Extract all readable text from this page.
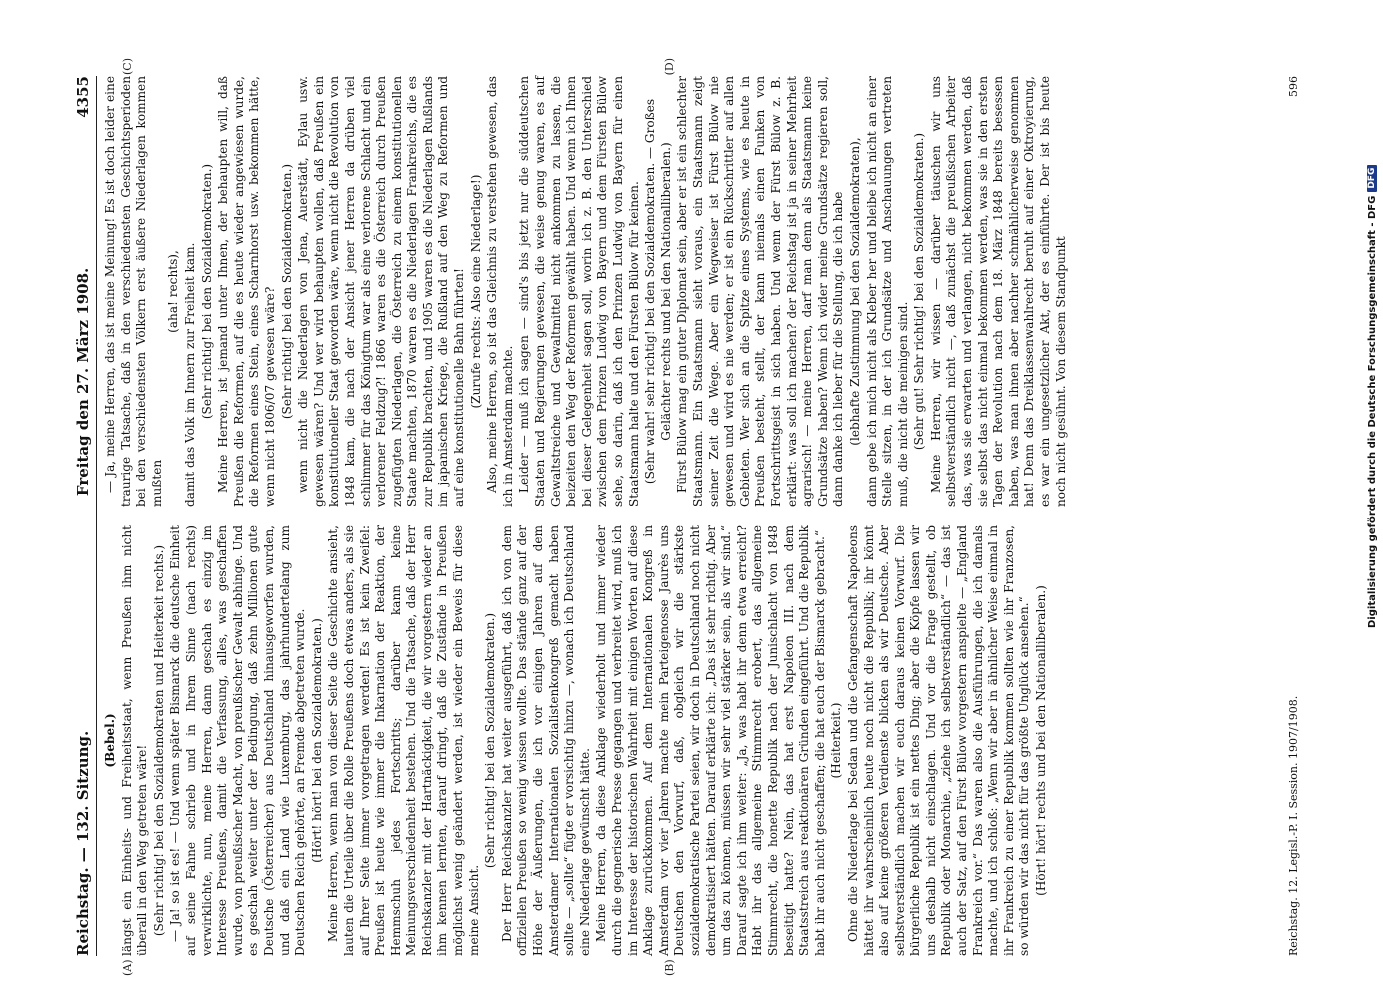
Reichstag. — 132. Sitzung.
Freitag den 27. März 1908.
4355
(A)	(B)

(Bebel.) längst ein Einheits- und Freiheitsstaat, wenn Preußen ihm nicht überall in den Weg getreten wäre! (Sehr richtig! bei den Sozialdemokraten und Heiterkeit rechts.) — Ja! so ist es! — Und wenn später Bismarck die deutsche Einheit auf seine Fahne schrieb und in Ihrem Sinne (nach rechts) verwirklichte, nun, meine Herren, dann geschah es einzig im Interesse Preußens, damit die Verfassung, alles, was geschaffen wurde, von preußischer Macht, von preußischer Gewalt abhinge. Und es geschah weiter unter der Bedingung, daß zehn Millionen gute Deutsche (Österreicher) aus Deutschland hinausgeworfen wurden, und daß ein Land wie Luxemburg, das jahrhundertelang zum Deutschen Reich gehörte, an Fremde abgetreten wurde. (Hört! hört! bei den Sozialdemokraten.) Meine Herren, wenn man von dieser Seite die Geschichte ansieht, lauten die Urteile über die Rolle Preußens doch etwas anders, als sie auf Ihrer Seite immer vorgetragen werden! Es ist kein Zweifel: Preußen ist heute wie immer die Inkarnation der Reaktion, der Hemmschuh jedes Fortschritts; darüber kann keine Meinungsverschiedenheit bestehen. Und die Tatsache, daß der Herr Reichskanzler mit der Hartnäckigkeit, die wir vorgestern wieder an ihm kennen lernten, darauf dringt, daß die Zustände in Preußen möglichst wenig geändert werden, ist wieder ein Beweis für diese meine Ansicht.

(Sehr richtig! bei den Sozialdemokraten.) Der Herr Reichskanzler hat weiter ausgeführt, daß ich von dem offiziellen Preußen so wenig wissen wollte. Das stände ganz auf der Höhe der Äußerungen, die ich vor einigen Jahren auf dem Amsterdamer Internationalen Sozialistenkongreß gemacht haben sollte — „sollte“ fügte er vorsichtig hinzu —, wonach ich Deutschland eine Niederlage gewünscht hätte. Meine Herren, da diese Anklage wiederholt und immer wieder durch die gegnerische Presse gegangen und verbreitet wird, muß ich im Interesse der historischen Wahrheit mit einigen Worten auf diese Anklage zurückkommen. Auf dem Internationalen Kongreß in Amsterdam vor vier Jahren machte mein Parteigenosse Jaurès uns Deutschen den Vorwurf, daß, obgleich wir die stärkste sozialdemokratische Partei seien, wir doch in Deutschland noch nicht demokratisiert hätten. Darauf erklärte ich: „Das ist sehr richtig. Aber um das zu können, müssen wir sehr viel stärker sein, als wir sind.“ Darauf sagte ich ihm weiter: „Ja, was habt ihr denn etwa erreicht? Habt ihr das allgemeine Stimmrecht erobert, das allgemeine Stimmrecht, die honette Republik nach der Junischlacht von 1848 beseitigt hatte? Nein, das hat erst Napoleon III. nach dem Staatsstreich aus reaktionären Gründen eingeführt. Und die Republik habt ihr auch nicht geschaffen; die hat euch der Bismarck gebracht.“ (Heiterkeit.) Ohne die Niederlage bei Sedan und die Gefangenschaft Napoleons hättet ihr wahrscheinlich heute noch nicht die Republik; ihr könnt also auf keine größeren Verdienste blicken als wir Deutsche. Aber selbstverständlich machen wir euch daraus keinen Vorwurf. Die bürgerliche Republik ist ein nettes Ding; aber die Köpfe lassen wir uns deshalb nicht einschlagen. Und vor die Frage gestellt, ob Republik oder Monarchie, „ziehe ich selbstverständlich“ — das ist auch der Satz, auf den Fürst Bülow vorgestern anspielte — „England Frankreich vor.“ Das waren also die Ausführungen, die ich damals machte, und ich schloß: „Wenn wir aber in ähnlicher Weise einmal in ihr Frankreich zu einer Republik kommen sollten wie ihr Franzosen, so würden wir das nicht für das größte Unglück ansehen.“ (Hört! hört! rechts und bei den Nationalliberalen.)

(C)	(D)

— Ja, meine Herren, das ist meine Meinung! Es ist doch leider eine traurige Tatsache, daß in den verschiedensten Geschichtsperioden bei den verschiedensten Völkern erst äußere Niederlagen kommen mußten

(aha! rechts), damit das Volk im Innern zur Freiheit kam. (Sehr richtig! bei den Sozialdemokraten.) Meine Herren, ist jemand unter Ihnen, der behaupten will, daß Preußen die Reformen, auf die es heute wieder angewiesen wurde, die Reformen eines Stein, eines Scharnhorst usw. bekommen hätte, wenn nicht 1806/07 gewesen wäre? (Sehr richtig! bei den Sozialdemokraten.) wenn nicht die Niederlagen von Jena, Auerstädt, Eylau usw. gewesen wären? Und wer wird behaupten wollen, daß Preußen ein konstitutioneller Staat geworden wäre, wenn nicht die Revolution von 1848 kam, die nach der Ansicht jener Herren da drüben viel schlimmer für das Königtum war als eine verlorene Schlacht und ein verlorener Feldzug?! 1866 waren es die Österreich durch Preußen zugefügten Niederlagen, die Österreich zu einem konstitutionellen Staate machten, 1870 waren es die Niederlagen Frankreichs, die es zur Republik brachten, und 1905 waren es die Niederlagen Rußlands im japanischen Kriege, die Rußland auf den Weg zu Reformen und auf eine konstitutionelle Bahn führten! (Zurufe rechts: Also eine Niederlage!) Also, meine Herren, so ist das Gleichnis zu verstehen gewesen, das ich in Amsterdam machte. Leider — muß ich sagen — sind's bis jetzt nur die süddeutschen Staaten und Regierungen gewesen, die weise genug waren, es auf Gewaltstreiche und Gewaltmittel nicht ankommen zu lassen, die beizeiten den Weg der Reformen gewählt haben. Und wenn ich Ihnen bei dieser Gelegenheit sagen soll, worin ich z. B. den Unterschied zwischen dem Prinzen Ludwig von Bayern und dem Fürsten Bülow sehe, so darin, daß ich den Prinzen Ludwig von Bayern für einen Staatsmann halte und den Fürsten Bülow für keinen. (Sehr wahr! sehr richtig! bei den Sozialdemokraten. — Großes Gelächter rechts und bei den Nationalliberalen.) Fürst Bülow mag ein guter Diplomat sein, aber er ist ein schlechter Staatsmann. Ein Staatsmann sieht voraus, ein Staatsmann zeigt seiner Zeit die Wege. Aber ein Wegweiser ist Fürst Bülow nie gewesen und wird es nie werden; er ist ein Rückschrittler auf allen Gebieten. Wer sich an die Spitze eines Systems, wie es heute in Preußen besteht, stellt, der kann niemals einen Funken von Fortschrittsgeist in sich haben. Und wenn der Fürst Bülow z. B. erklärt: was soll ich machen? der Reichstag ist ja in seiner Mehrheit agrarisch! — meine Herren, darf man denn als Staatsmann keine Grundsätze haben? Wenn ich wider meine Grundsätze regieren soll, dann danke ich lieber für die Stellung, die ich habe (lebhafte Zustimmung bei den Sozialdemokraten), dann gebe ich mich nicht als Kleber her und bleibe ich nicht an einer Stelle sitzen, in der ich Grundsätze und Anschauungen vertreten muß, die nicht die meinigen sind. (Sehr gut! Sehr richtig! bei den Sozialdemokraten.) Meine Herren, wir wissen — darüber täuschen wir uns selbstverständlich nicht —, daß zunächst die preußischen Arbeiter das, was sie erwarten und verlangen, nicht bekommen werden, daß sie selbst das nicht einmal bekommen werden, was sie in den ersten Tagen der Revolution nach dem 18. März 1848 bereits besessen haben, was man ihnen aber nachher schmählicherweise genommen hat! Denn das Dreiklassenwahlrecht beruht auf einer Oktroyierung, es war ein ungesetzlicher Akt, der es einführte. Der ist bis heute noch nicht gesühnt. Von diesem Standpunkt

Reichstag. 12. Legisl.-P. I. Session. 1907/1908.
596
Digitalisierung gefördert durch die Deutsche Forschungsgemeinschaft - DFG
DFG
